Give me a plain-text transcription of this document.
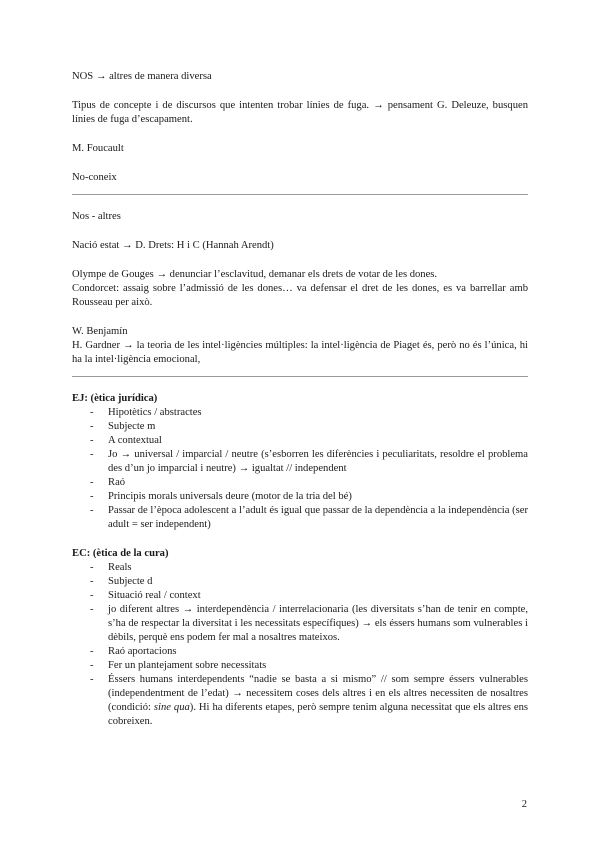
NOS → altres de manera diversa

Tipus de concepte i de discursos que intenten trobar línies de fuga. → pensament G. Deleuze, busquen línies de fuga d’escapament.

M. Foucault

No-coneix

Nos - altres

Nació estat → D. Drets: H i C (Hannah Arendt)

Olympe de Gouges → denunciar l’esclavitud, demanar els drets de votar de les dones.

Condorcet: assaig sobre l’admissió de les dones… va defensar el dret de les dones, es va barrellar amb Rousseau per això.

W. Benjamín

H. Gardner → la teoria de les intel·ligències múltiples: la intel·ligència de Piaget és, però no és l’única, hi ha la intel·ligència emocional,

EJ: (ètica jurídica)

- Hipotètics / abstractes
- Subjecte m
- A contextual
- Jo → universal / imparcial / neutre (s’esborren les diferències i peculiaritats, resoldre el problema des d’un jo imparcial i neutre) → igualtat // independent
- Raó
- Principis morals universals deure (motor de la tria del bé)
- Passar de l’època adolescent a l’adult és igual que passar de la dependència a la independència (ser adult = ser independent)

EC: (ètica de la cura)

- Reals
- Subjecte d
- Situació real / context
- jo diferent altres → interdependència / interrelacionaria (les diversitats s’han de tenir en compte, s’ha de respectar la diversitat i les necessitats específiques) → els éssers humans som vulnerables i dèbils, perquè ens podem fer mal a nosaltres mateixos.
- Raó aportacions
- Fer un plantejament sobre necessitats
- Éssers humans interdependents “nadie se basta a si mismo” // som sempre éssers vulnerables (independentment de l’edat) → necessitem coses dels altres i en els altres necessiten de nosaltres (condició: sine qua). Hi ha diferents etapes, però sempre tenim alguna necessitat que els altres ens cobreixen.
2
